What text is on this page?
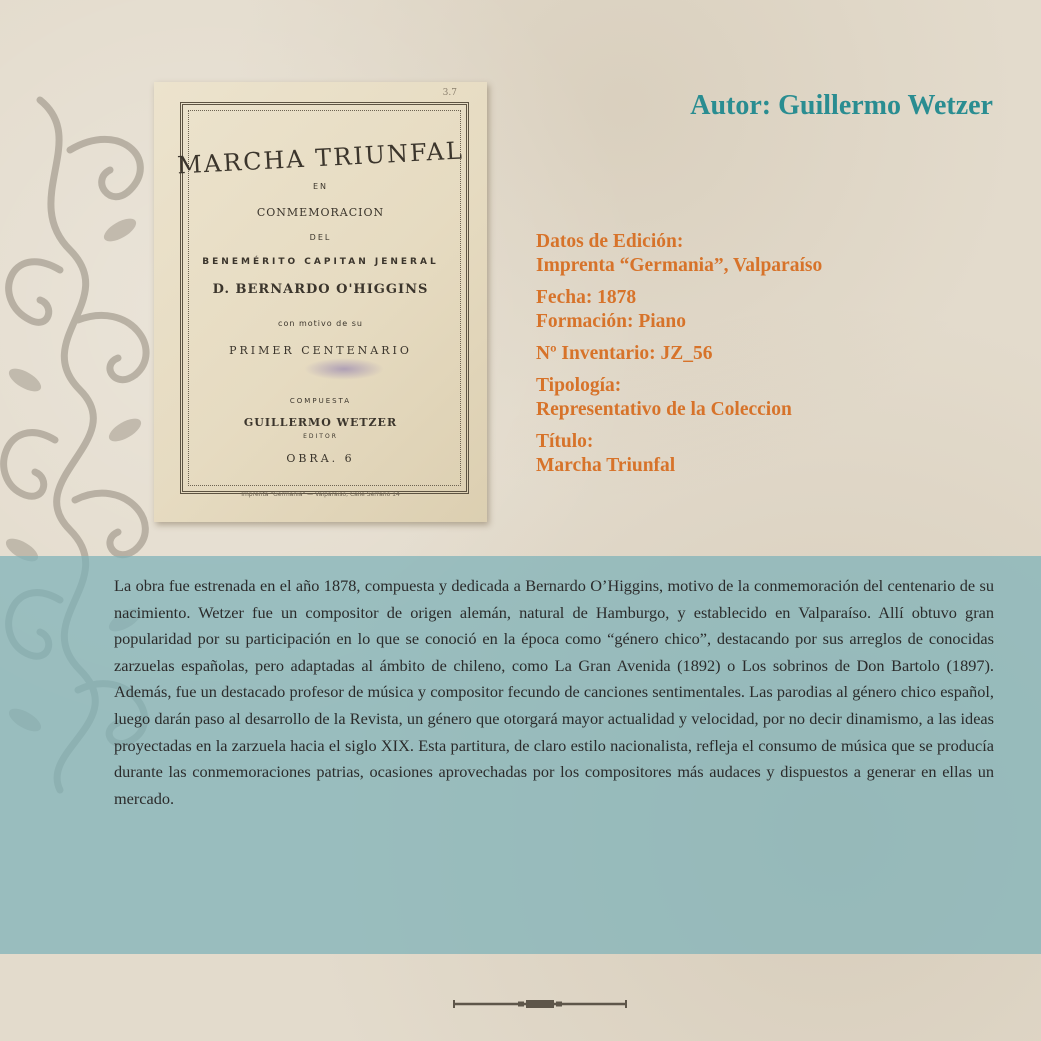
3.7
MARCHA TRIUNFAL
EN
CONMEMORACION
DEL
BENEMÉRITO CAPITAN JENERAL
D. BERNARDO O'HIGGINS
con motivo de su
PRIMER CENTENARIO
COMPUESTA
GUILLERMO WETZER
EDITOR
OBRA. 6
Imprenta "Germania" — Valparaiso, Calle Serrano 14
Autor: Guillermo Wetzer
Datos de Edición:
Imprenta “Germania”, Valparaíso
Fecha: 1878
Formación: Piano
Nº Inventario: JZ_56
Tipología:
Representativo de la Coleccion
Título:
Marcha Triunfal
La obra fue estrenada en el año 1878, compuesta y dedicada a Bernardo O’Higgins, motivo de la conmemoración del centenario de su nacimiento. Wetzer fue un compositor de origen alemán, natural de Hamburgo, y establecido en Valparaíso. Allí obtuvo gran popularidad por su participación en lo que se conoció en la época como “género chico”, destacando por sus arreglos de conocidas zarzuelas españolas, pero adaptadas al ámbito de chileno, como La Gran Avenida (1892) o Los sobrinos de Don Bartolo (1897). Además, fue un destacado profesor de música y compositor fecundo de canciones sentimentales. Las parodias al género chico español, luego darán paso al desarrollo de la Revista, un género que otorgará mayor actualidad y velocidad, por no decir dinamismo, a las ideas proyectadas en la zarzuela hacia el siglo XIX. Esta partitura, de claro estilo nacionalista, refleja el consumo de música que se producía durante las conmemoraciones patrias, ocasiones aprovechadas por los compositores más audaces y dispuestos a generar en ellas un mercado.
